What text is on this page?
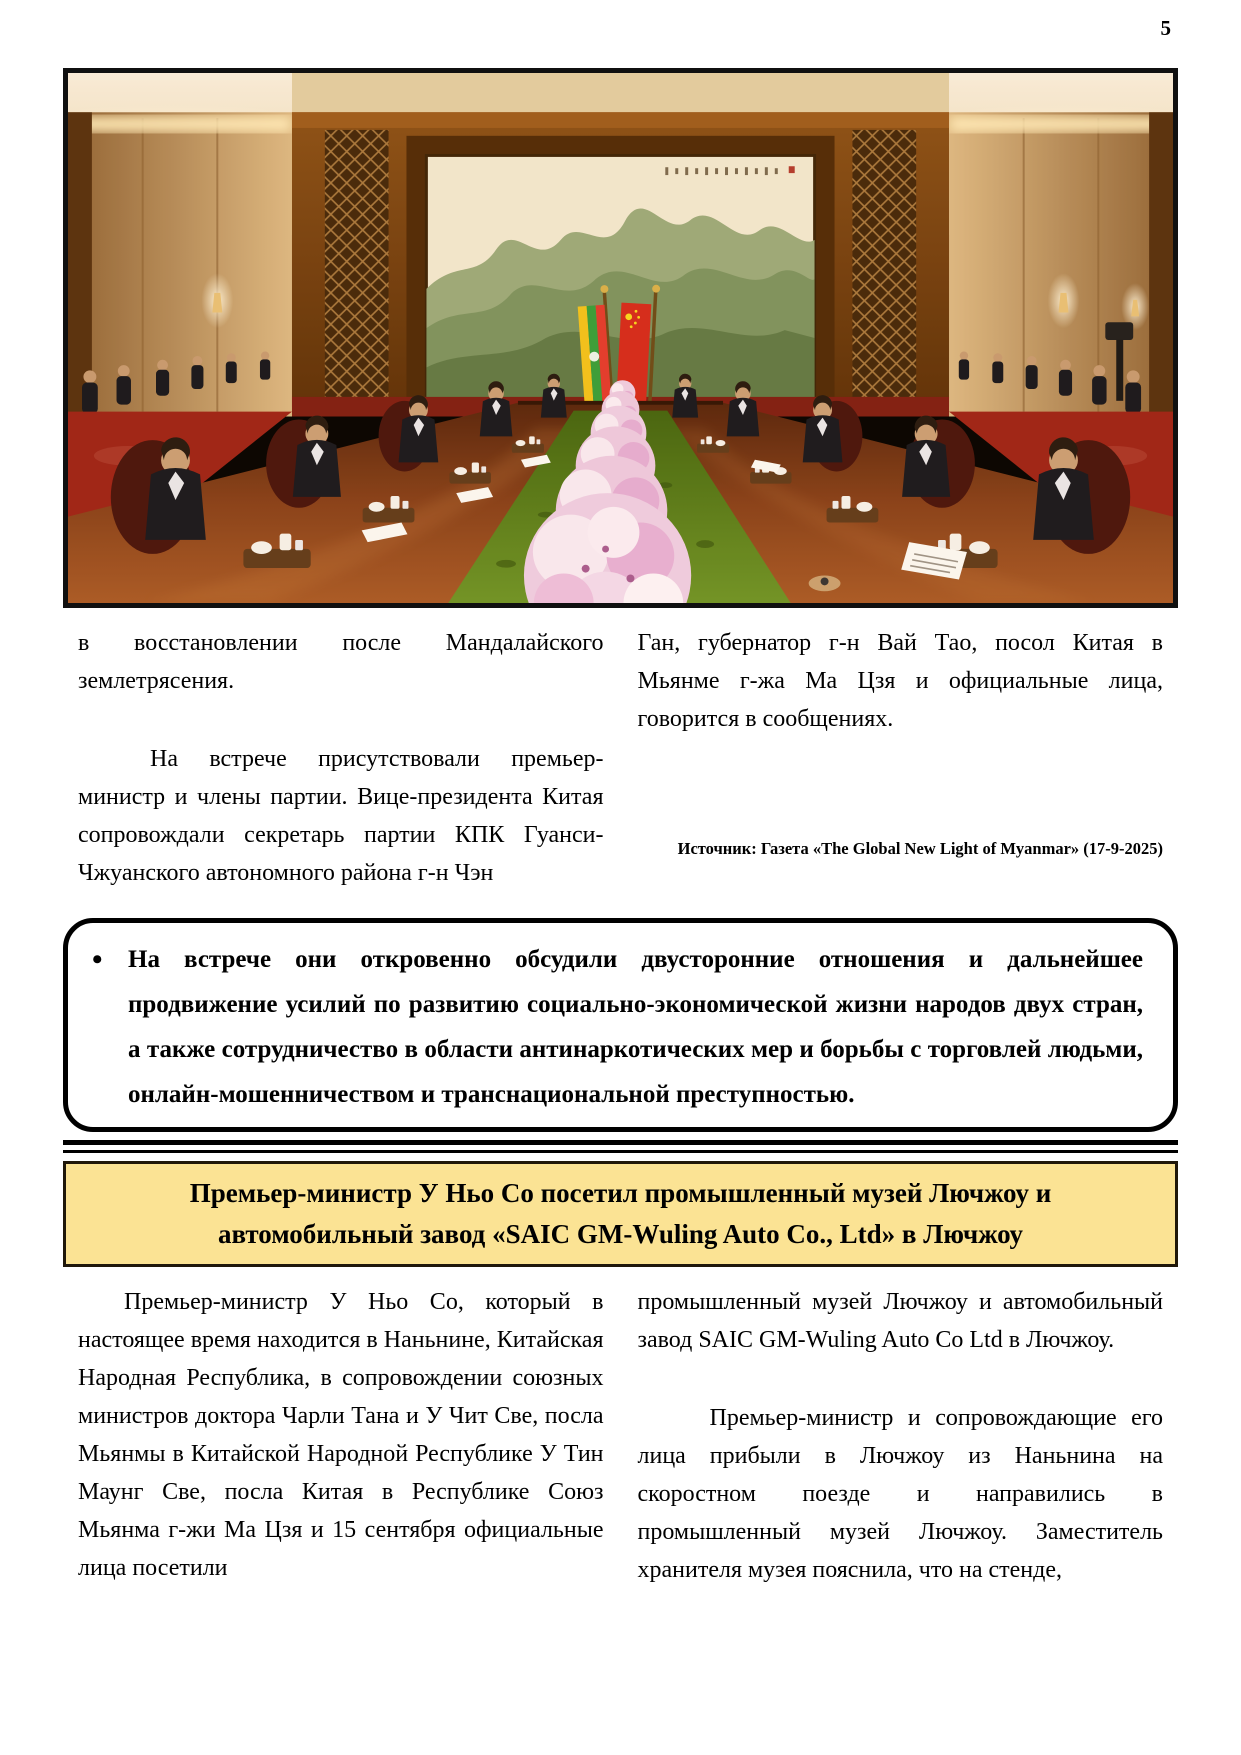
5

в восстановлении после Мандалайского землетрясения.

На встрече присутствовали премьер-министр и члены партии. Вице-президента Китая сопровождали секретарь партии КПК Гуанси-Чжуанского автономного района г-н Чэн

Ган, губернатор г-н Вай Тао, посол Китая в Мьянме г-жа Ма Цзя и официальные лица, говорится в сообщениях.

Источник: Газета «The Global New Light of Myanmar» (17-9-2025)
•	На встрече они откровенно обсудили двусторонние отношения и дальнейшее продвижение усилий по развитию социально-экономической жизни народов двух стран, а также сотрудничество в области антинаркотических мер и борьбы с торговлей людьми, онлайн-мошенничеством и транснациональной преступностью.

Премьер-министр У Ньо Со посетил промышленный музей Лючжоу и
автомобильный завод «SAIC GM-Wuling Auto Co., Ltd» в Лючжоу

Премьер-министр У Ньо Со, который в настоящее время находится в Наньнине, Китайская Народная Республика, в сопровождении союзных министров доктора Чарли Тана и У Чит Све, посла Мьянмы в Китайской Народной Республике У Тин Маунг Све, посла Китая в Республике Союз Мьянма г-жи Ма Цзя и 15 сентября официальные лица посетили

промышленный музей Лючжоу и автомобильный завод SAIC GM-Wuling Auto Co Ltd в Лючжоу.

Премьер-министр и сопровождающие его лица прибыли в Лючжоу из Наньнина на скоростном поезде и направились в промышленный музей Лючжоу. Заместитель хранителя музея пояснила, что на стенде,
